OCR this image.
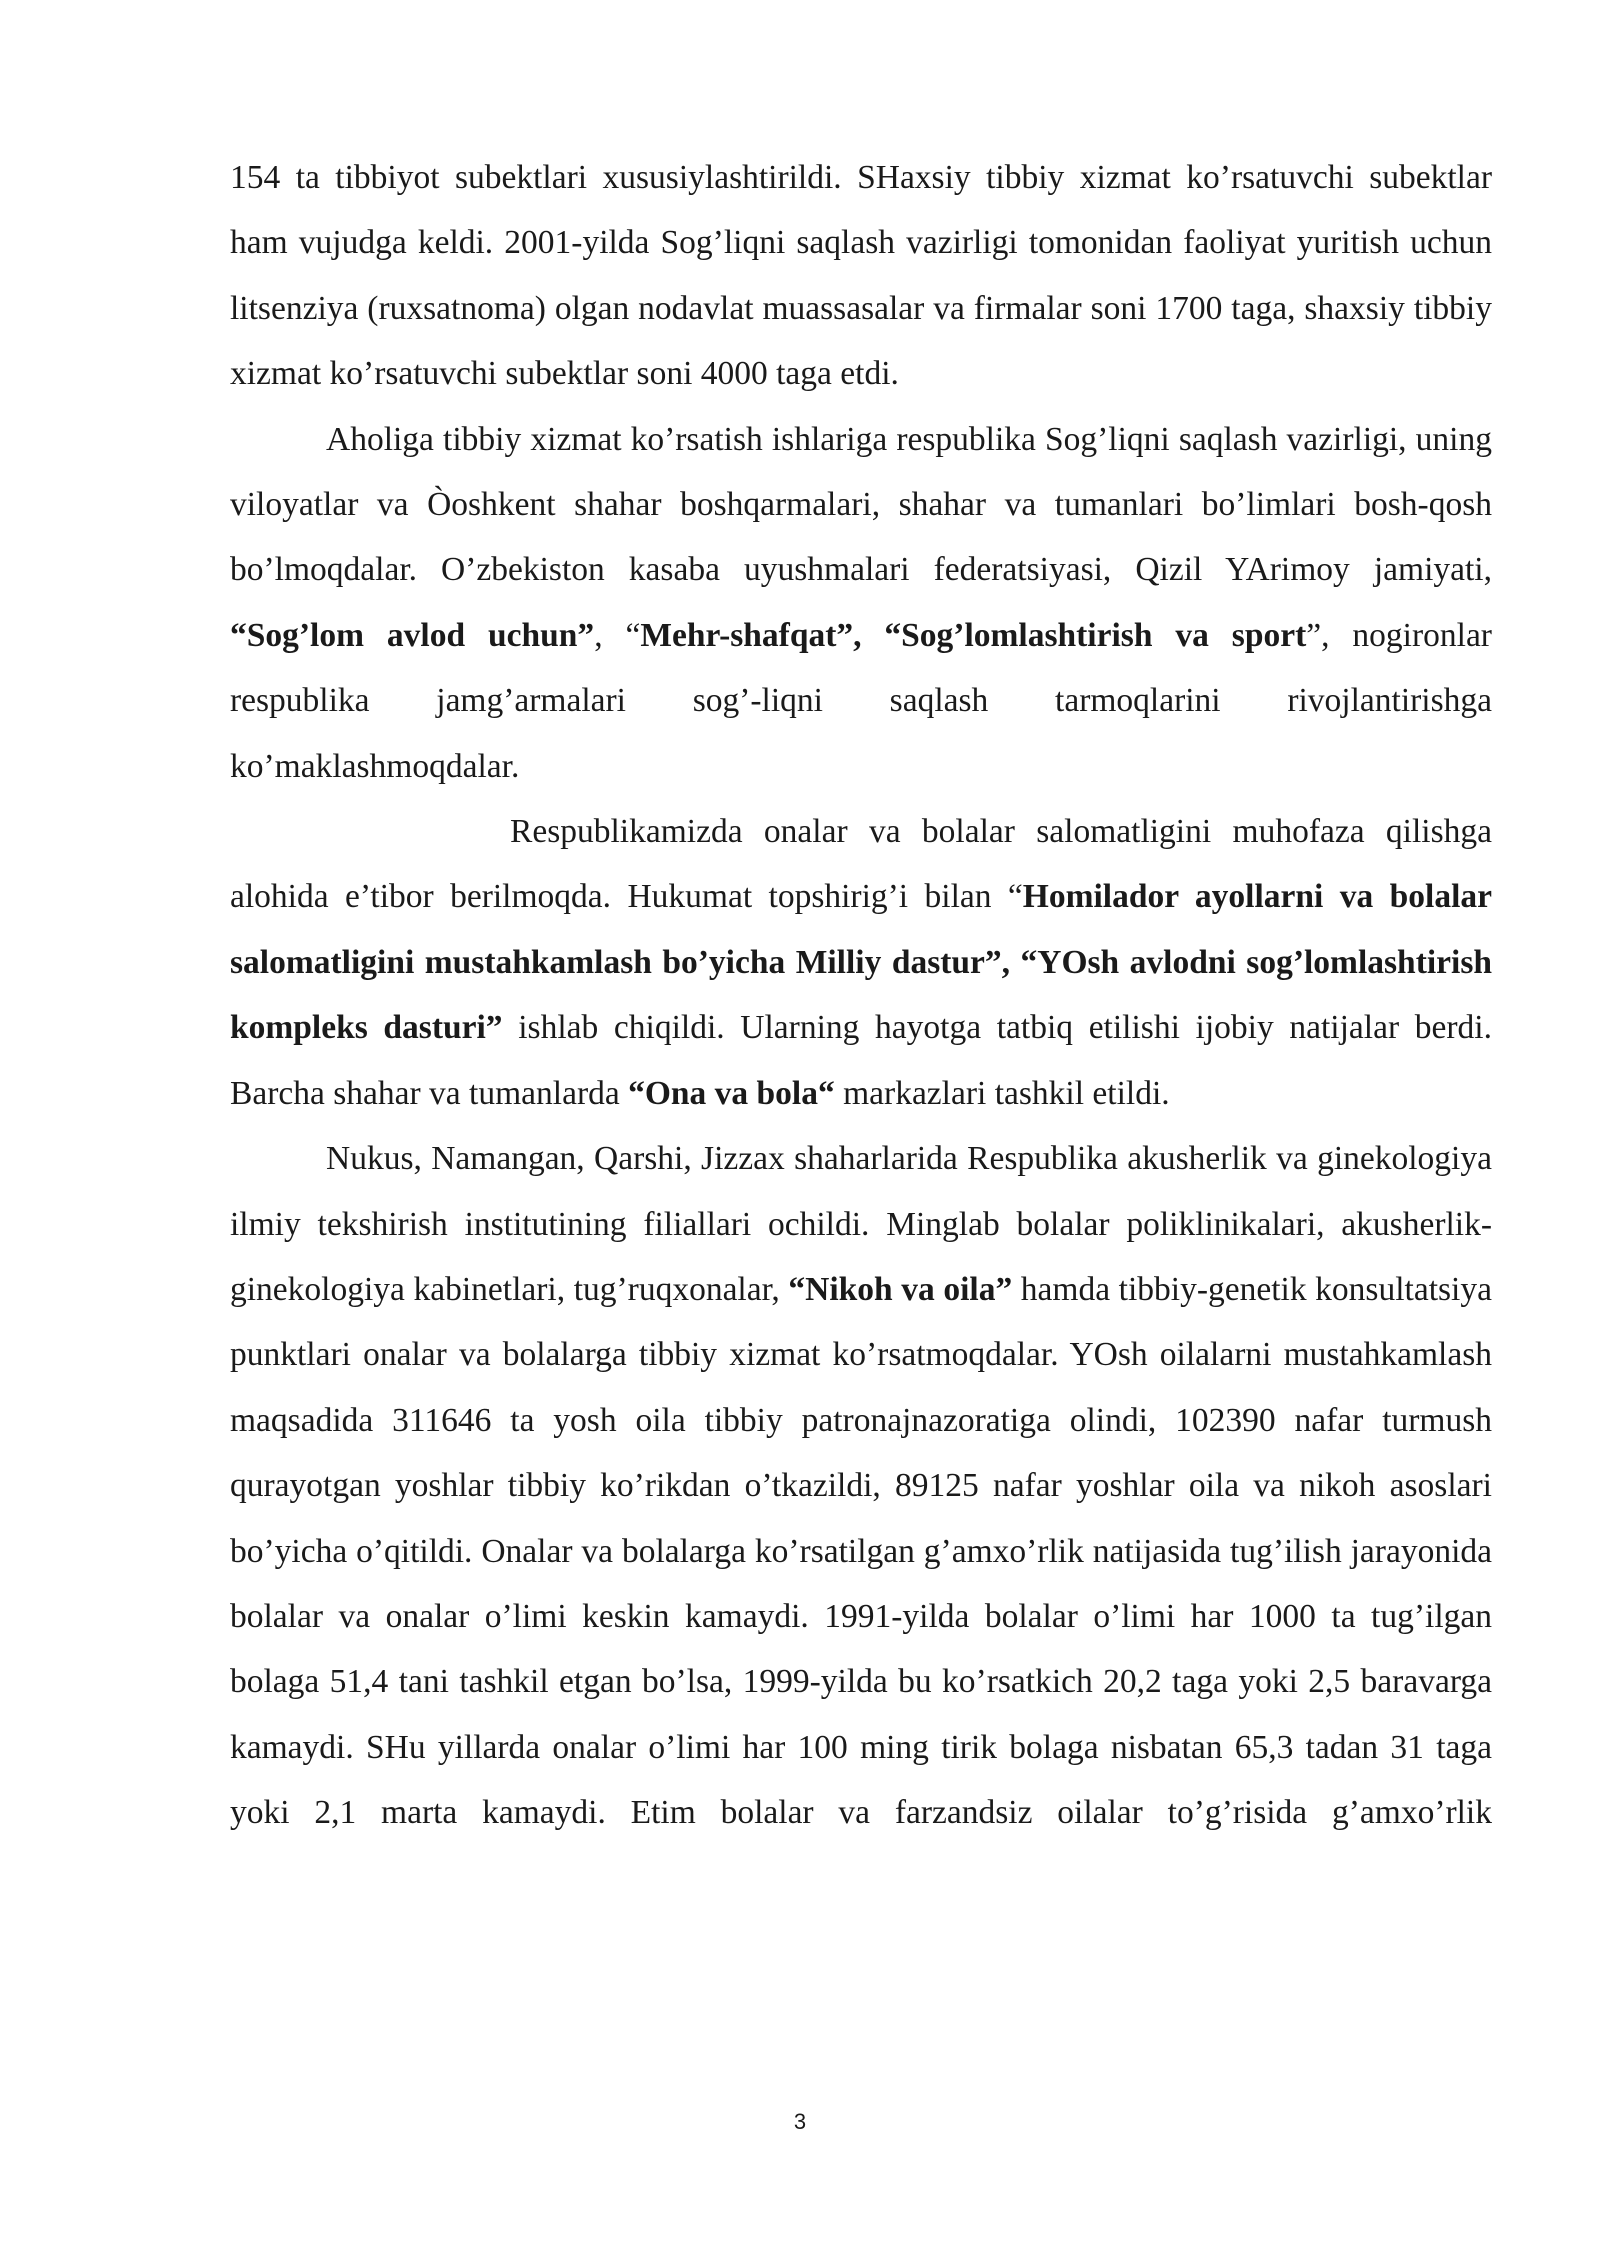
154 ta tibbiyot subektlari xususiylashtirildi. SHaxsiy tibbiy xizmat ko’rsatuvchi subektlar ham vujudga keldi. 2001-yilda Sog’liqni saqlash vazirligi tomonidan faoliyat yuritish uchun litsenziya (ruxsatnoma) olgan nodavlat muassasalar va firmalar soni 1700 taga, shaxsiy tibbiy xizmat ko’rsatuvchi subektlar soni 4000 taga etdi.

Aholiga tibbiy xizmat ko’rsatish ishlariga respublika Sog’liqni saqlash vazirligi, uning viloyatlar va Òoshkent shahar boshqarmalari, shahar va tumanlari bo’limlari bosh-qosh bo’lmoqdalar. O’zbekiston kasaba uyushmalari federatsiyasi, Qizil YArimoy jamiyati, “Sog’lom avlod uchun”, “Mehr-shafqat”, “Sog’lomlashtirish va sport”, nogironlar respublika jamg’armalari sog’-liqni saqlash tarmoqlarini rivojlantirishga ko’maklashmoqdalar.

Respublikamizda onalar va bolalar salomatligini muhofaza qilishga alohida e’tibor berilmoqda. Hukumat topshirig’i bilan “Homilador ayollarni va bolalar salomatligini mustahkamlash bo’yicha Milliy dastur”, “YOsh avlodni sog’lomlashtirish kompleks dasturi” ishlab chiqildi. Ularning hayotga tatbiq etilishi ijobiy natijalar berdi. Barcha shahar va tumanlarda “Ona va bola“ markazlari tashkil etildi.

Nukus, Namangan, Qarshi, Jizzax shaharlarida Respublika akusherlik va ginekologiya ilmiy tekshirish institutining filiallari ochildi. Minglab bolalar poliklinikalari, akusherlik-ginekologiya kabinetlari, tug’ruqxonalar, “Nikoh va oila” hamda tibbiy-genetik konsultatsiya punktlari onalar va bolalarga tibbiy xizmat ko’rsatmoqdalar. YOsh oilalarni mustahkamlash maqsadida 311646 ta yosh oila tibbiy patronajnazoratiga olindi, 102390 nafar turmush qurayotgan yoshlar tibbiy ko’rikdan o’tkazildi, 89125 nafar yoshlar oila va nikoh asoslari bo’yicha o’qitildi. Onalar va bolalarga ko’rsatilgan g’amxo’rlik natijasida tug’ilish jarayonida bolalar va onalar o’limi keskin kamaydi. 1991-yilda bolalar o’limi har 1000 ta tug’ilgan bolaga 51,4 tani tashkil etgan bo’lsa, 1999-yilda bu ko’rsatkich 20,2 taga yoki 2,5 baravarga kamaydi. SHu yillarda onalar o’limi har 100 ming tirik bolaga nisbatan 65,3 tadan 31 taga yoki 2,1 marta kamaydi. Etim bolalar va farzandsiz oilalar to’g’risida g’amxo’rlik

3
